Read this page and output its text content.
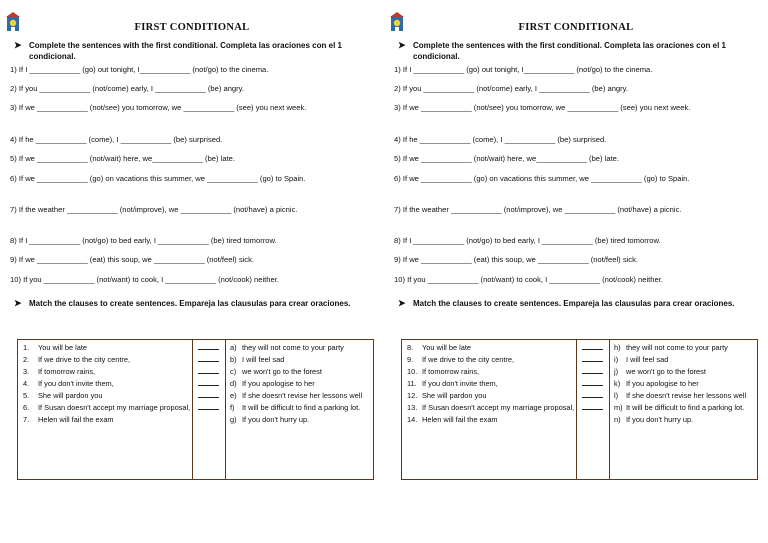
FIRST CONDITIONAL
➤ Complete the sentences with the first conditional. Completa las oraciones con el 1 condicional.
1) If I ____________ (go) out tonight, I____________ (not/go) to the cinema.
2) If you ____________ (not/come) early, I ____________ (be) angry.
3) If we ____________ (not/see) you tomorrow, we ____________ (see) you next week.
4) If he ____________ (come), I ____________ (be) surprised.
5) If we ____________ (not/wait) here, we____________ (be) late.
6) If we ____________ (go) on vacations this summer, we ____________ (go) to Spain.
7) If the weather ____________ (not/improve), we ____________ (not/have) a picnic.
8) If I ____________ (not/go) to bed early, I ____________ (be) tired tomorrow.
9) If we ____________ (eat) this soup, we ____________ (not/feel) sick.
10) If you ____________ (not/want) to cook, I ____________ (not/cook) neither.
➤ Match the clauses to create sentences. Empareja las clausulas para crear oraciones.
1. You will be late
2. If we drive to the city centre,
3. If tomorrow rains,
4. If you don't invite them,
5. She will pardon you
6. If Susan doesn't accept my marriage proposal,
7. Helen will fail the exam
a) they will not come to your party
b) I will feel sad
c) we won't go to the forest
d) If you apologise to her
e) If she doesn't revise her lessons well
f) It will be difficult to find a parking lot.
g) If you don't hurry up.
FIRST CONDITIONAL
➤ Complete the sentences with the first conditional. Completa las oraciones con el 1 condicional.
1) If I ____________ (go) out tonight, I____________ (not/go) to the cinema.
2) If you ____________ (not/come) early, I ____________ (be) angry.
3) If we ____________ (not/see) you tomorrow, we ____________ (see) you next week.
4) If he ____________ (come), I ____________ (be) surprised.
5) If we ____________ (not/wait) here, we____________ (be) late.
6) If we ____________ (go) on vacations this summer, we ____________ (go) to Spain.
7) If the weather ____________ (not/improve), we ____________ (not/have) a picnic.
8) If I ____________ (not/go) to bed early, I ____________ (be) tired tomorrow.
9) If we ____________ (eat) this soup, we ____________ (not/feel) sick.
10) If you ____________ (not/want) to cook, I ____________ (not/cook) neither.
➤ Match the clauses to create sentences. Empareja las clausulas para crear oraciones.
8. You will be late
9. If we drive to the city centre,
10. If tomorrow rains,
11. If you don't invite them,
12. She will pardon you
13. If Susan doesn't accept my marriage proposal,
14. Helen will fail the exam
h) they will not come to your party
i) I will feel sad
j) we won't go to the forest
k) If you apologise to her
l) If she doesn't revise her lessons well
m) It will be difficult to find a parking lot.
n) If you don't hurry up.
